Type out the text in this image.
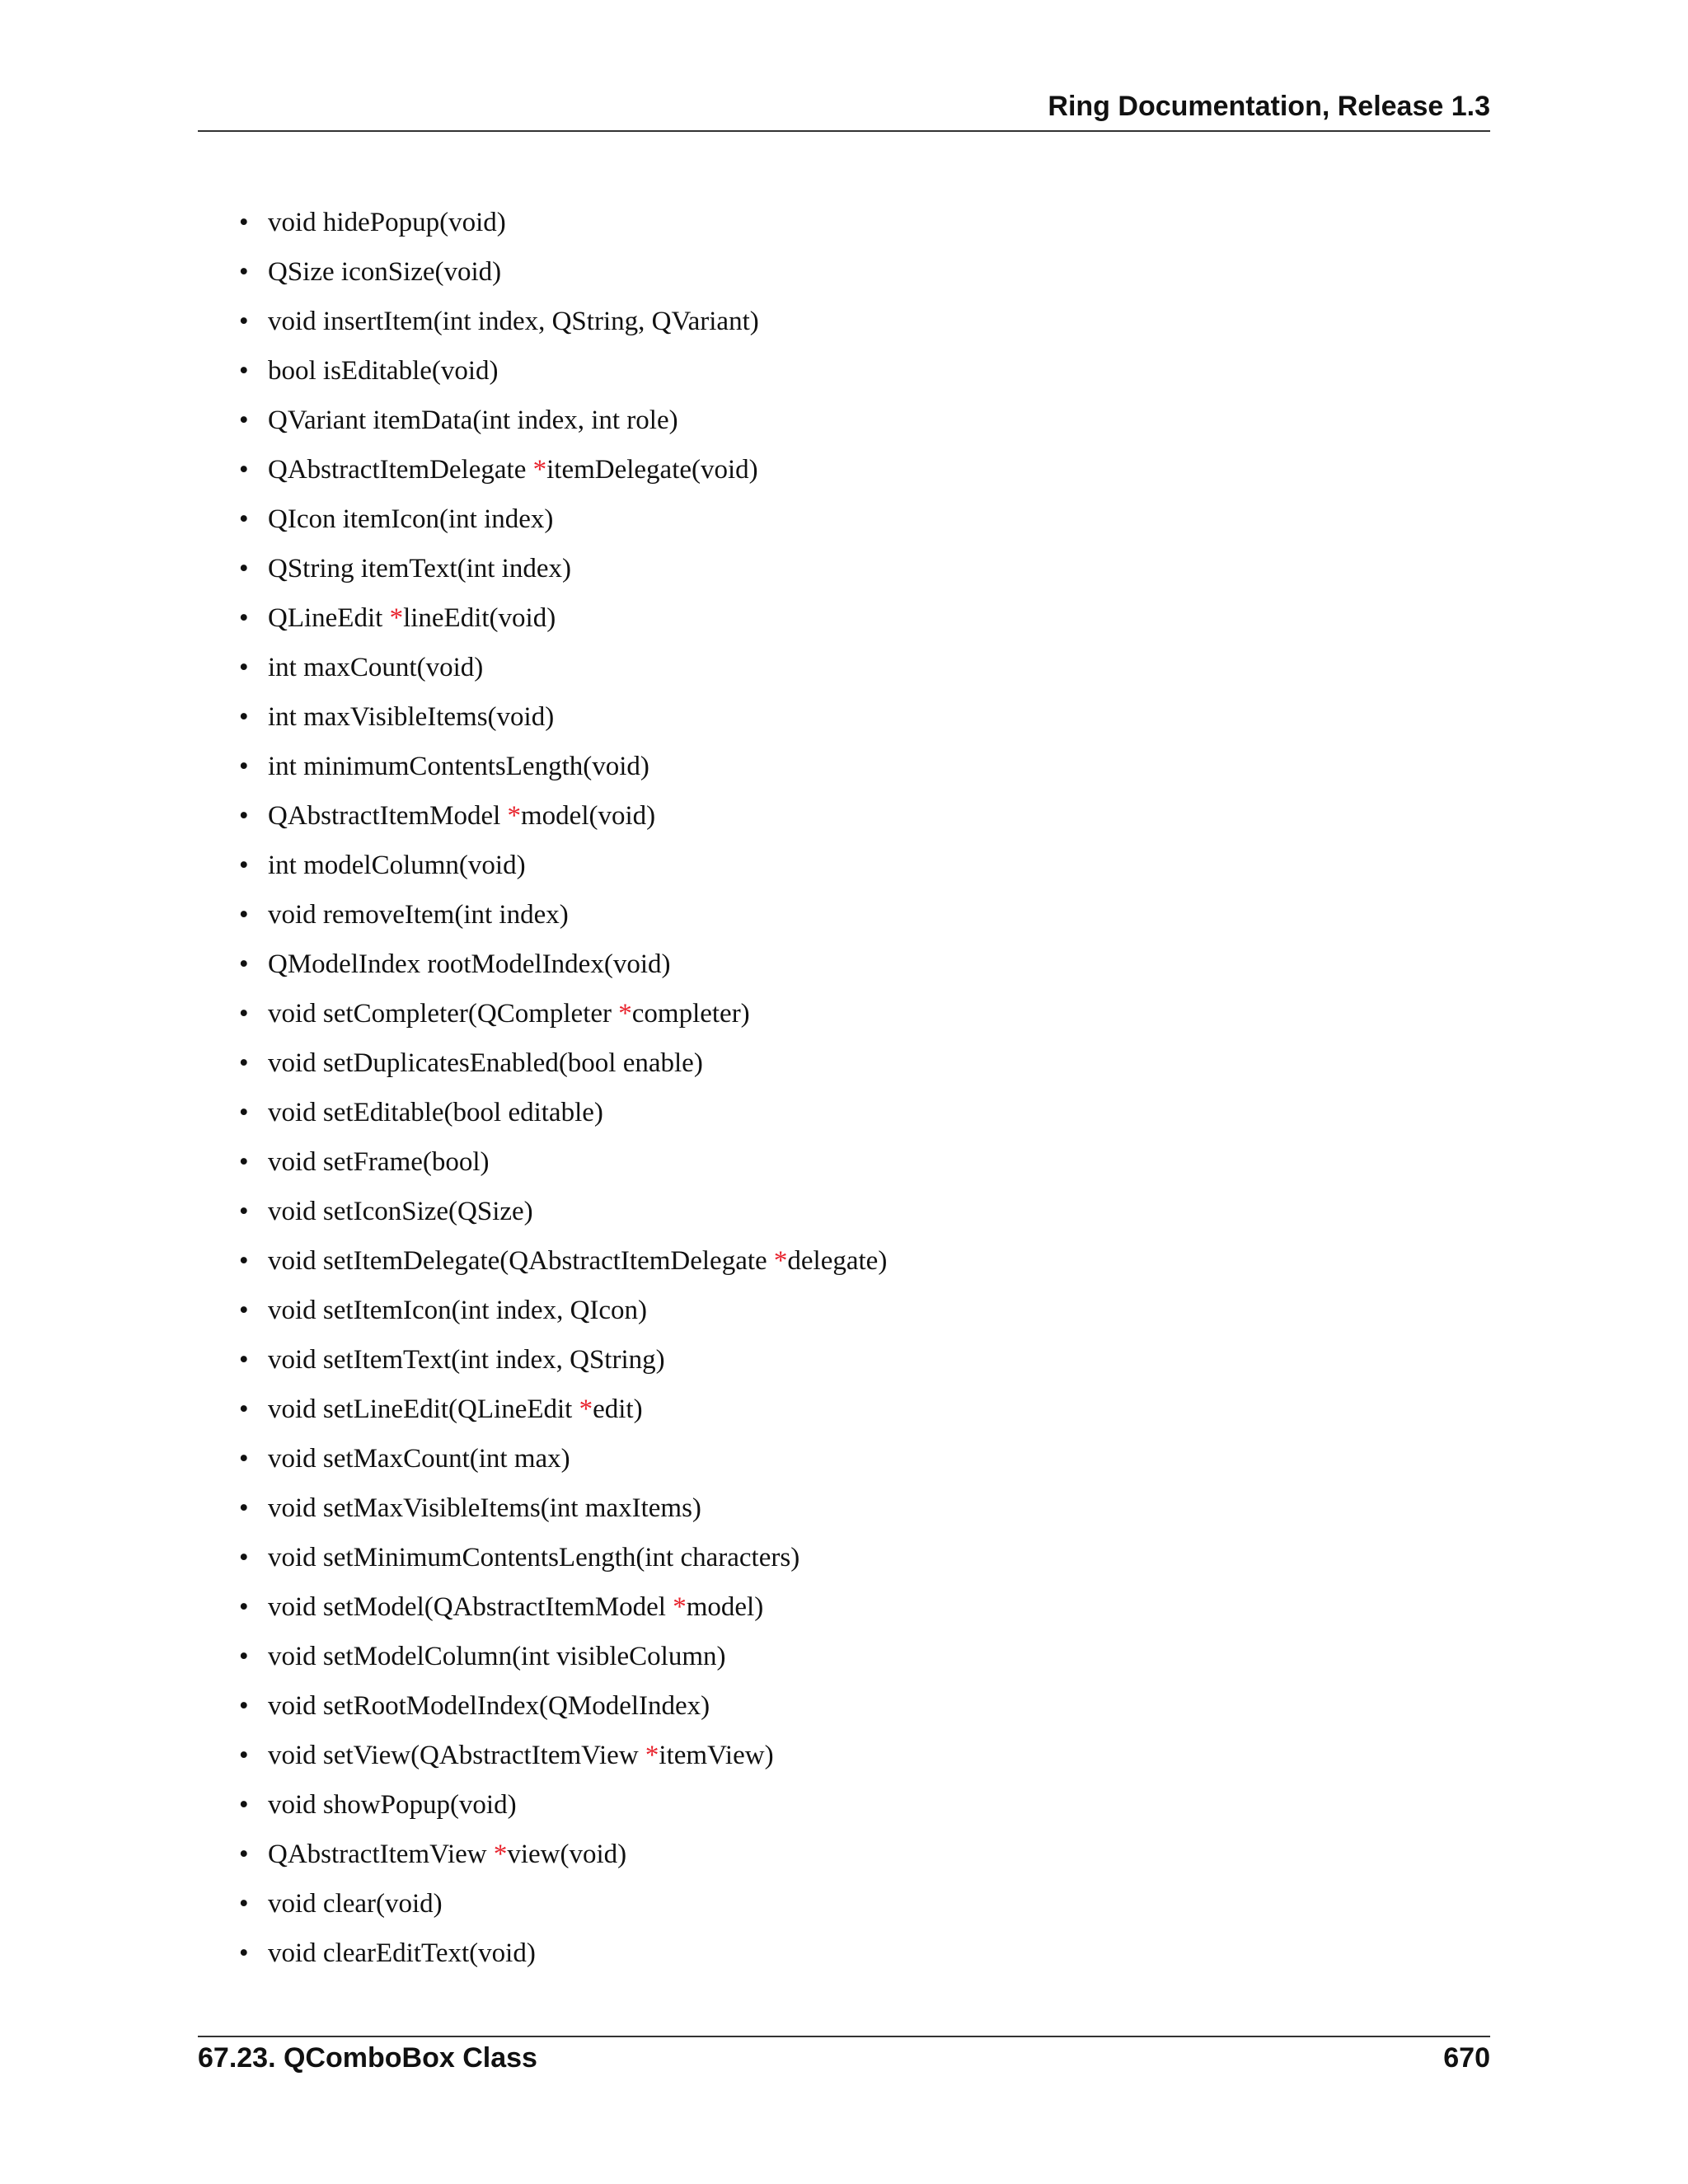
Ring Documentation, Release 1.3
• void hidePopup(void)
• QSize iconSize(void)
• void insertItem(int index, QString, QVariant)
• bool isEditable(void)
• QVariant itemData(int index, int role)
• QAbstractItemDelegate *itemDelegate(void)
• QIcon itemIcon(int index)
• QString itemText(int index)
• QLineEdit *lineEdit(void)
• int maxCount(void)
• int maxVisibleItems(void)
• int minimumContentsLength(void)
• QAbstractItemModel *model(void)
• int modelColumn(void)
• void removeItem(int index)
• QModelIndex rootModelIndex(void)
• void setCompleter(QCompleter *completer)
• void setDuplicatesEnabled(bool enable)
• void setEditable(bool editable)
• void setFrame(bool)
• void setIconSize(QSize)
• void setItemDelegate(QAbstractItemDelegate *delegate)
• void setItemIcon(int index, QIcon)
• void setItemText(int index, QString)
• void setLineEdit(QLineEdit *edit)
• void setMaxCount(int max)
• void setMaxVisibleItems(int maxItems)
• void setMinimumContentsLength(int characters)
• void setModel(QAbstractItemModel *model)
• void setModelColumn(int visibleColumn)
• void setRootModelIndex(QModelIndex)
• void setView(QAbstractItemView *itemView)
• void showPopup(void)
• QAbstractItemView *view(void)
• void clear(void)
• void clearEditText(void)
67.23. QComboBox Class	670
